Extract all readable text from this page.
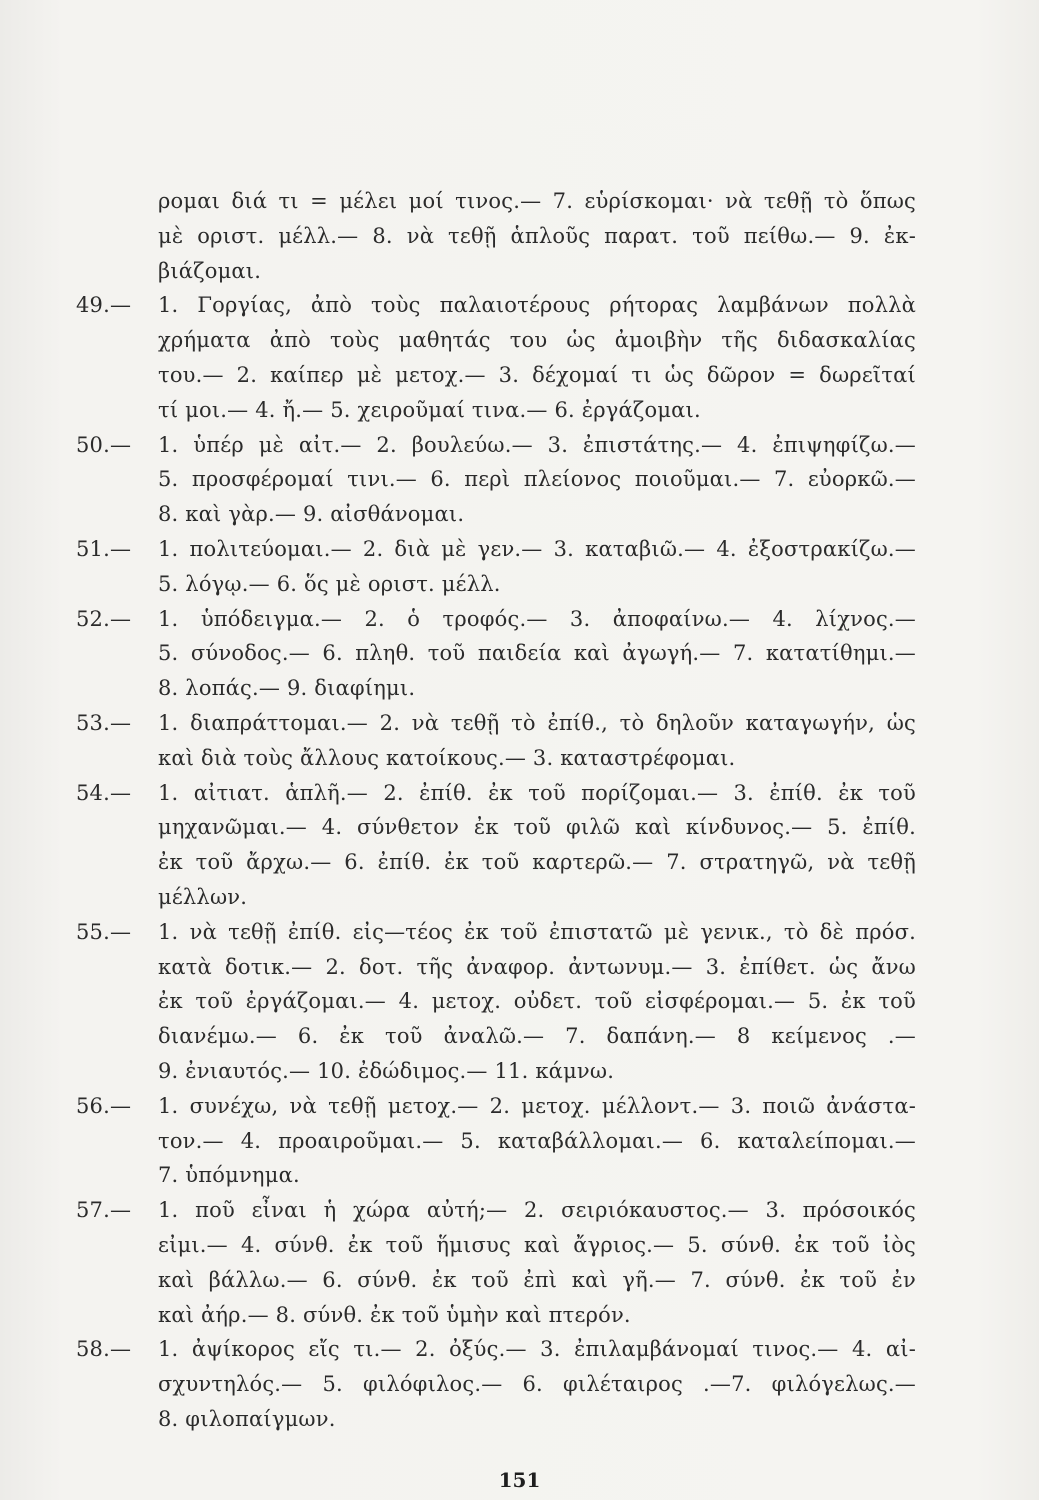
ρομαι διά τι = μέλει μοί τινος.— 7. εὑρίσκομαι· νὰ τεθῇ τὸ ὅπως
μὲ οριστ. μέλλ.— 8. νὰ τεθῇ ἁπλοῦς παρατ. τοῦ πείθω.— 9. ἐκ-
βιάζομαι.
49.—	1. Γοργίας, ἀπὸ τοὺς παλαιοτέρους ρήτορας λαμβάνων πολλὰ
χρήματα ἀπὸ τοὺς μαθητάς του ὡς ἀμοιβὴν τῆς διδασκαλίας
του.— 2. καίπερ μὲ μετοχ.— 3. δέχομαί τι ὡς δῶρον = δωρεῖταί
τί μοι.— 4. ἤ.— 5. χειροῦμαί τινα.— 6. ἐργάζομαι.
50.—	1. ὑπέρ μὲ αἰτ.— 2. βουλεύω.— 3. ἐπιστάτης.— 4. ἐπιψηφίζω.—
5. προσφέρομαί τινι.— 6. περὶ πλείονος ποιοῦμαι.— 7. εὐορκῶ.—
8. καὶ γὰρ.— 9. αἰσθάνομαι.
51.—	1. πολιτεύομαι.— 2. διὰ μὲ γεν.— 3. καταβιῶ.— 4. ἐξοστρακίζω.—
5. λόγῳ.— 6. ὅς μὲ οριστ. μέλλ.
52.—	1. ὑπόδειγμα.— 2. ὁ τροφός.— 3. ἀποφαίνω.— 4. λίχνος.—
5. σύνοδος.— 6. πληθ. τοῦ παιδεία καὶ ἀγωγή.— 7. κατατίθημι.—
8. λοπάς.— 9. διαφίημι.
53.—	1. διαπράττομαι.— 2. νὰ τεθῇ τὸ ἐπίθ., τὸ δηλοῦν καταγωγήν, ὡς
καὶ διὰ τοὺς ἄλλους κατοίκους.— 3. καταστρέφομαι.
54.—	1. αἰτιατ. ἁπλῆ.— 2. ἐπίθ. ἐκ τοῦ πορίζομαι.— 3. ἐπίθ. ἐκ τοῦ
μηχανῶμαι.— 4. σύνθετον ἐκ τοῦ φιλῶ καὶ κίνδυνος.— 5. ἐπίθ.
ἐκ τοῦ ἄρχω.— 6. ἐπίθ. ἐκ τοῦ καρτερῶ.— 7. στρατηγῶ, νὰ τεθῇ
μέλλων.
55.—	1. νὰ τεθῇ ἐπίθ. εἰς—τέος ἐκ τοῦ ἐπιστατῶ μὲ γενικ., τὸ δὲ πρόσ.
κατὰ δοτικ.— 2. δοτ. τῆς ἀναφορ. ἀντωνυμ.— 3. ἐπίθετ. ὡς ἄνω
ἐκ τοῦ ἐργάζομαι.— 4. μετοχ. οὐδετ. τοῦ εἰσφέρομαι.— 5. ἐκ τοῦ
διανέμω.— 6. ἐκ τοῦ ἀναλῶ.— 7. δαπάνη.— 8 κείμενος .—
9. ἐνιαυτός.— 10. ἐδώδιμος.— 11. κάμνω.
56.—	1. συνέχω, νὰ τεθῇ μετοχ.— 2. μετοχ. μέλλοντ.— 3. ποιῶ ἀνάστα-
τον.— 4. προαιροῦμαι.— 5. καταβάλλομαι.— 6. καταλείπομαι.—
7. ὑπόμνημα.
57.—	1. ποῦ εἶναι ἡ χώρα αὐτή;— 2. σειριόκαυστος.— 3. πρόσοικός
εἰμι.— 4. σύνθ. ἐκ τοῦ ἥμισυς καὶ ἄγριος.— 5. σύνθ. ἐκ τοῦ ἰὸς
καὶ βάλλω.— 6. σύνθ. ἐκ τοῦ ἐπὶ καὶ γῆ.— 7. σύνθ. ἐκ τοῦ ἐν
καὶ ἀήρ.— 8. σύνθ. ἐκ τοῦ ὑμὴν καὶ πτερόν.
58.—	1. ἀψίκορος εἴς τι.— 2. ὀξύς.— 3. ἐπιλαμβάνομαί τινος.— 4. αἰ-
σχυντηλός.— 5. φιλόφιλος.— 6. φιλέταιρος .—7. φιλόγελως.—
8. φιλοπαίγμων.
151
